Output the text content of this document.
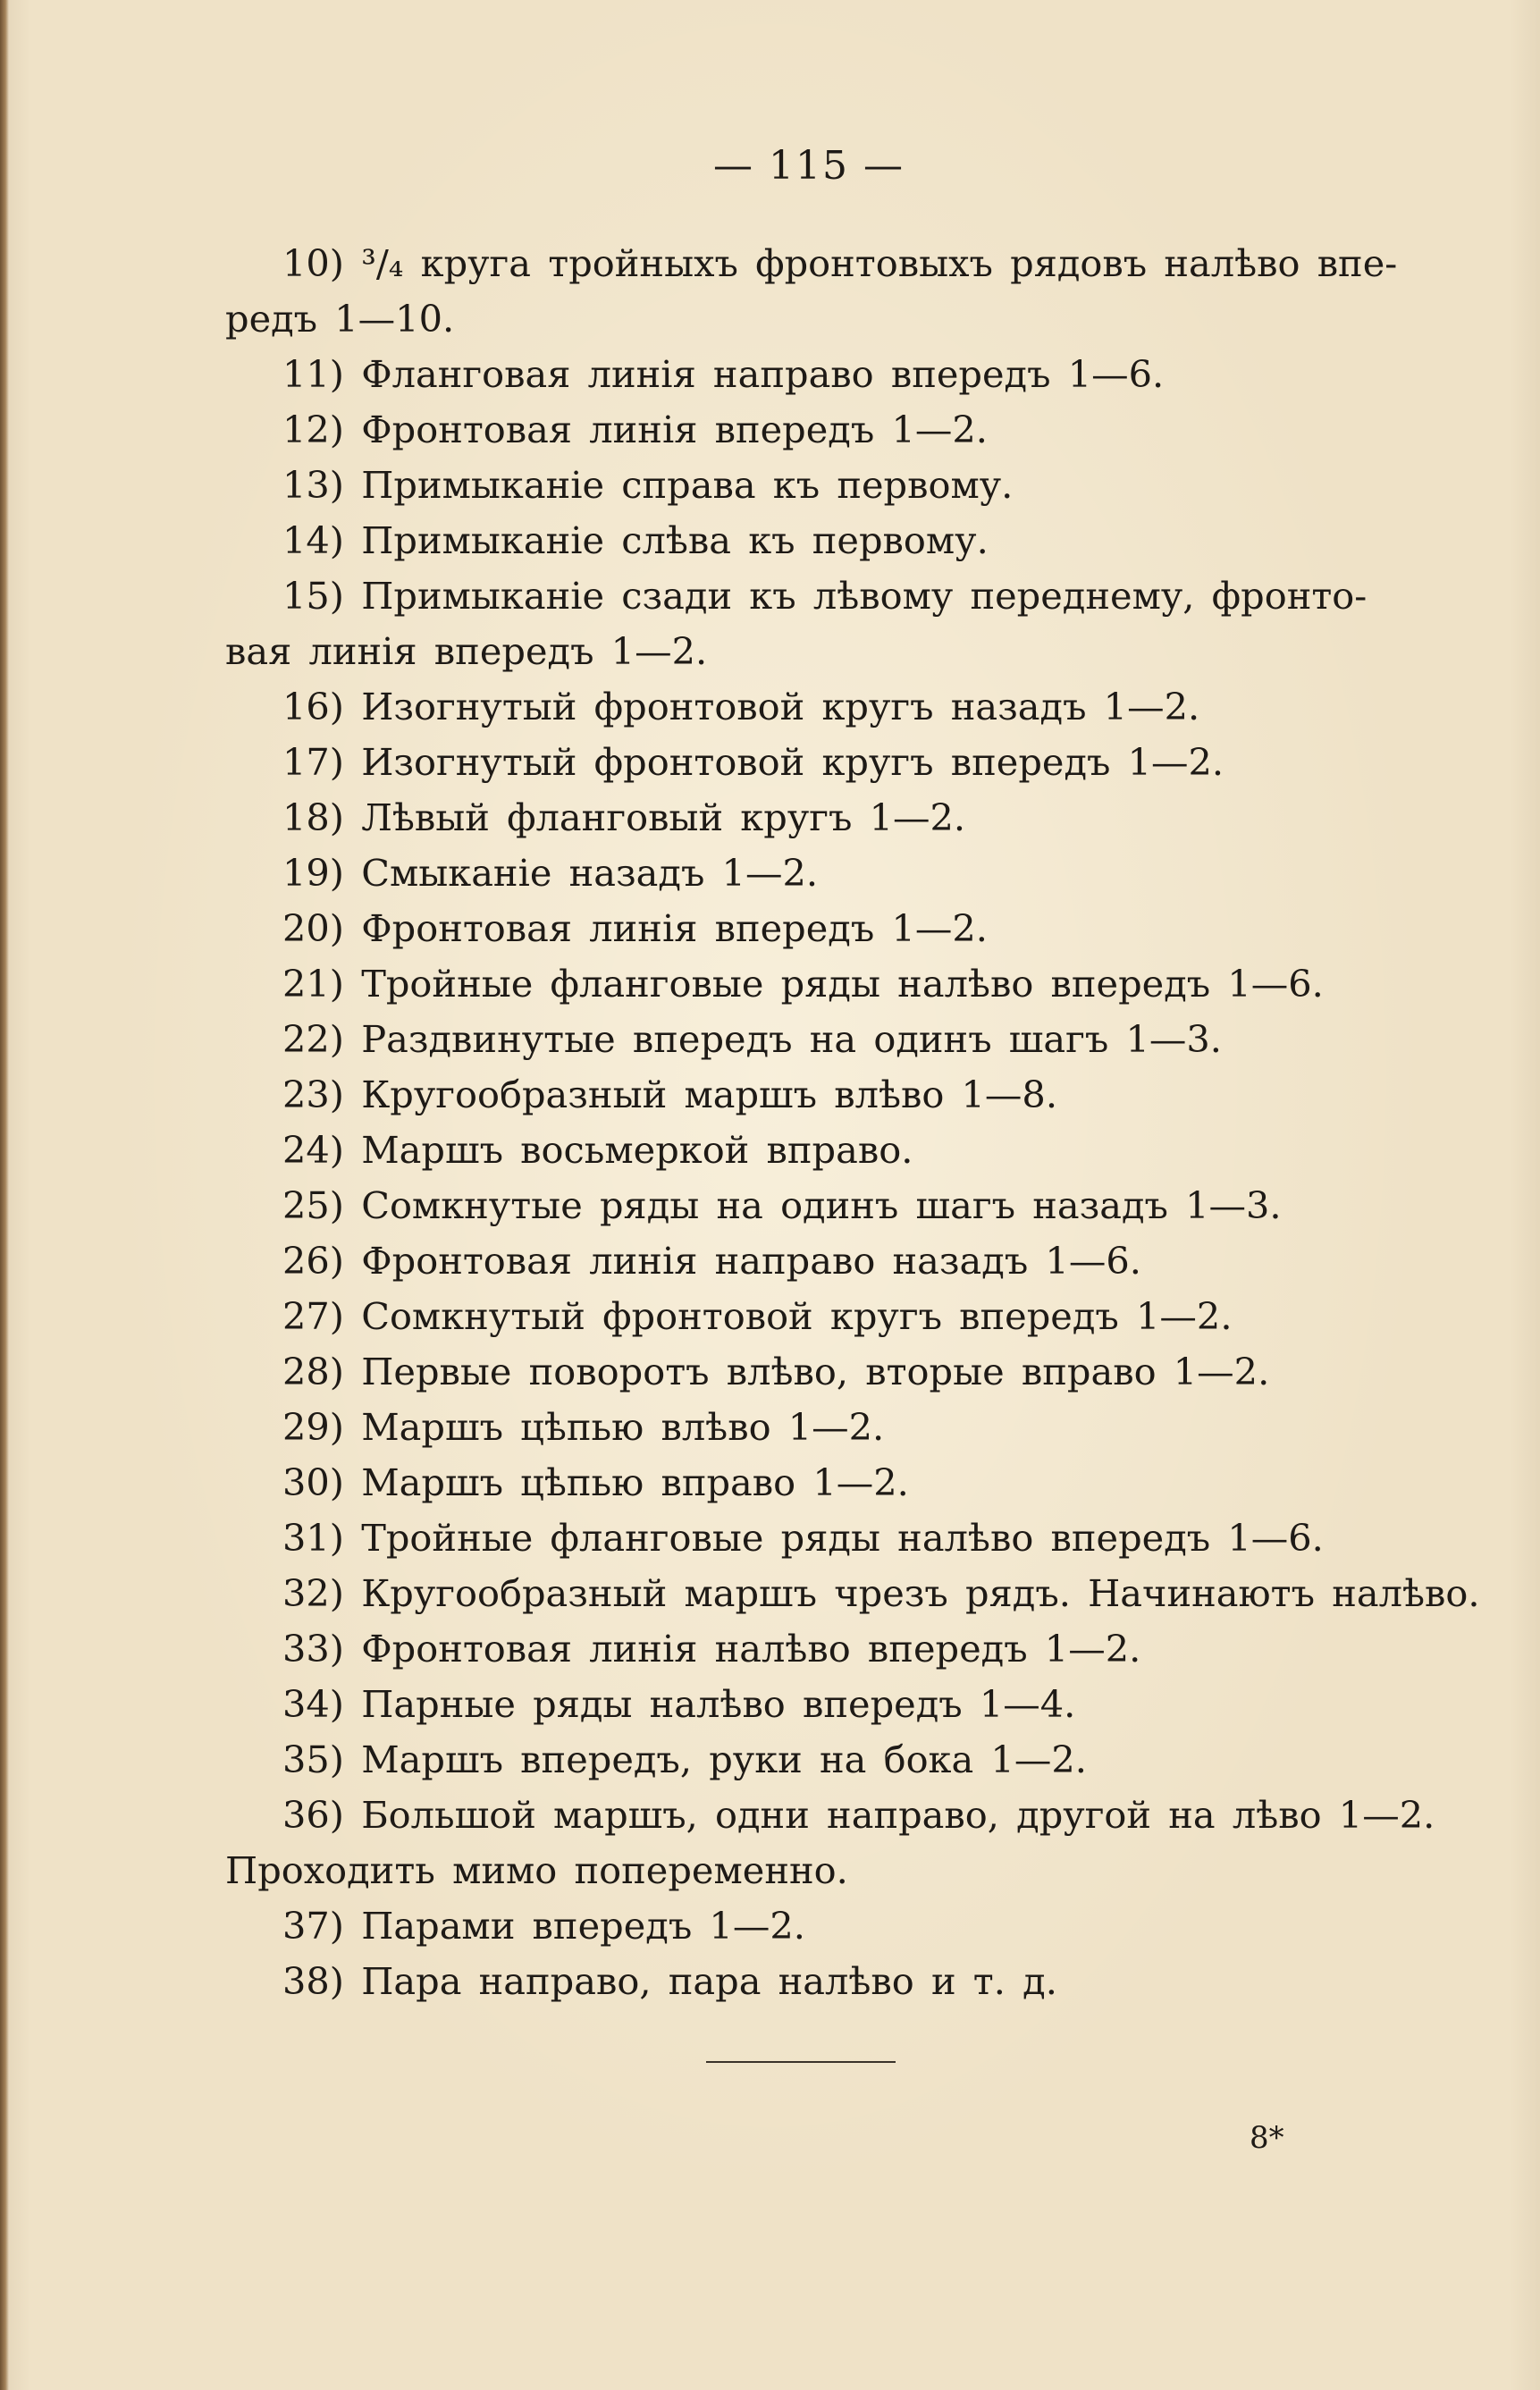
— 115 —

10) ³/₄ круга тройныхъ фронтовыхъ рядовъ налѣво впе-
редъ 1—10.

11) Фланговая линія направо впередъ 1—6.

12) Фронтовая линія впередъ 1—2.

13) Примыканіе справа къ первому.

14) Примыканіе слѣва къ первому.

15) Примыканіе сзади къ лѣвому переднему, фронто-
вая линія впередъ 1—2.

16) Изогнутый фронтовой кругъ назадъ 1—2.

17) Изогнутый фронтовой кругъ впередъ 1—2.

18) Лѣвый фланговый кругъ 1—2.

19) Смыканіе назадъ 1—2.

20) Фронтовая линія впередъ 1—2.

21) Тройные фланговые ряды налѣво впередъ 1—6.

22) Раздвинутые впередъ на одинъ шагъ 1—3.

23) Кругообразный маршъ влѣво 1—8.

24) Маршъ восьмеркой вправо.

25) Сомкнутые ряды на одинъ шагъ назадъ 1—3.

26) Фронтовая линія направо назадъ 1—6.

27) Сомкнутый фронтовой кругъ впередъ 1—2.

28) Первые поворотъ влѣво, вторые вправо 1—2.

29) Маршъ цѣпью влѣво 1—2.

30) Маршъ цѣпью вправо 1—2.

31) Тройные фланговые ряды налѣво впередъ 1—6.

32) Кругообразный маршъ чрезъ рядъ. Начинаютъ налѣво.

33) Фронтовая линія налѣво впередъ 1—2.

34) Парные ряды налѣво впередъ 1—4.

35) Маршъ впередъ, руки на бока 1—2.

36) Большой маршъ, одни направо, другой на лѣво 1—2.
Проходить мимо попеременно.

37) Парами впередъ 1—2.

38) Пара направо, пара налѣво и т. д.

8*
